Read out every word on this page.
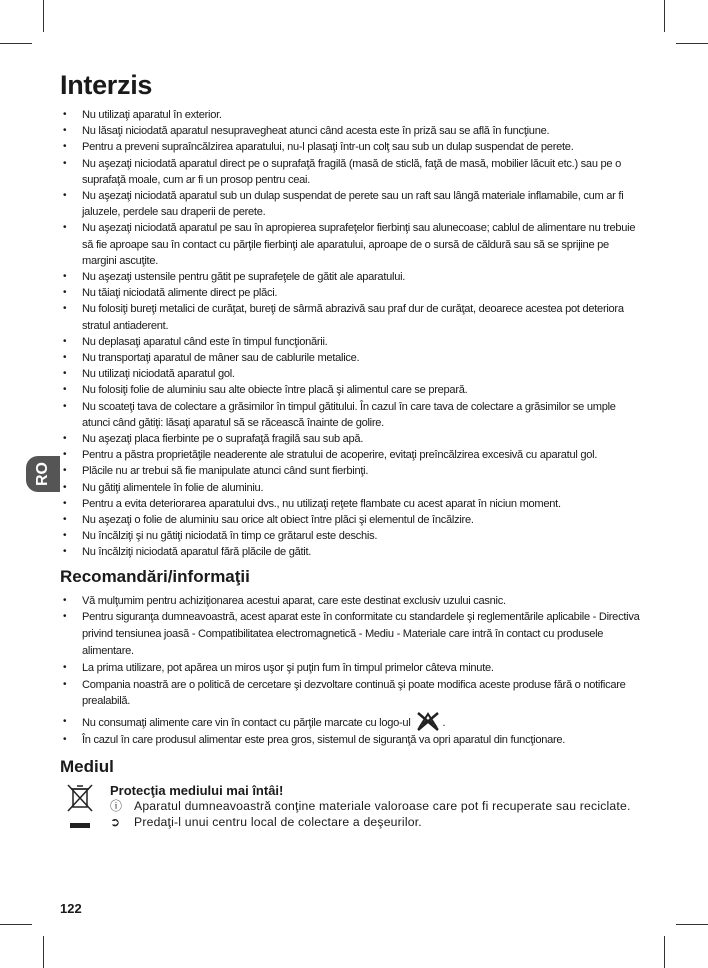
RO
Interzis
• Nu utilizaţi aparatul în exterior.
• Nu lăsaţi niciodată aparatul nesupravegheat atunci când acesta este în priză sau se află în funcţiune.
• Pentru a preveni supraîncălzirea aparatului, nu-l plasaţi într-un colţ sau sub un dulap suspendat de perete.
• Nu aşezaţi niciodată aparatul direct pe o suprafaţă fragilă (masă de sticlă, faţă de masă, mobilier lăcuit etc.) sau pe o suprafaţă moale, cum ar fi un prosop pentru ceai.
• Nu aşezaţi niciodată aparatul sub un dulap suspendat de perete sau un raft sau lângă materiale inflamabile, cum ar fi jaluzele, perdele sau draperii de perete.
• Nu aşezaţi niciodată aparatul pe sau în apropierea suprafeţelor fierbinţi sau alunecoase; cablul de alimentare nu trebuie să fie aproape sau în contact cu părţile fierbinţi ale aparatului, aproape de o sursă de căldură sau să se sprijine pe margini ascuţite.
• Nu aşezaţi ustensile pentru gătit pe suprafeţele de gătit ale aparatului.
• Nu tăiaţi niciodată alimente direct pe plăci.
• Nu folosiţi bureţi metalici de curăţat, bureţi de sârmă abrazivă sau praf dur de curăţat, deoarece acestea pot deteriora stratul antiaderent.
• Nu deplasaţi aparatul când este în timpul funcţionării.
• Nu transportaţi aparatul de mâner sau de cablurile metalice.
• Nu utilizaţi niciodată aparatul gol.
• Nu folosiţi folie de aluminiu sau alte obiecte între placă şi alimentul care se prepară.
• Nu scoateţi tava de colectare a grăsimilor în timpul gătitului. În cazul în care tava de colectare a grăsimilor se umple atunci când gătiţi: lăsaţi aparatul să se răcească înainte de golire.
• Nu aşezaţi placa fierbinte pe o suprafaţă fragilă sau sub apă.
• Pentru a păstra proprietăţile neaderente ale stratului de acoperire, evitaţi preîncălzirea excesivă cu aparatul gol.
• Plăcile nu ar trebui să fie manipulate atunci când sunt fierbinţi.
• Nu gătiţi alimentele în folie de aluminiu.
• Pentru a evita deteriorarea aparatului dvs., nu utilizaţi reţete flambate cu acest aparat în niciun moment.
• Nu aşezaţi o folie de aluminiu sau orice alt obiect între plăci şi elementul de încălzire.
• Nu încălziţi şi nu gătiţi niciodată în timp ce grătarul este deschis.
• Nu încălziţi niciodată aparatul fără plăcile de gătit.
Recomandări/informaţii
• Vă mulţumim pentru achiziţionarea acestui aparat, care este destinat exclusiv uzului casnic.
• Pentru siguranţa dumneavoastră, acest aparat este în conformitate cu standardele şi reglementările aplicabile - Directiva privind tensiunea joasă - Compatibilitatea electromagnetică - Mediu - Materiale care intră în contact cu produsele alimentare.
• La prima utilizare, pot apărea un miros uşor şi puţin fum în timpul primelor câteva minute.
• Compania noastră are o politică de cercetare şi dezvoltare continuă şi poate modifica aceste produse fără o notificare prealabilă.
• Nu consumaţi alimente care vin în contact cu părţile marcate cu logo-ul	.
• În cazul în care produsul alimentar este prea gros, sistemul de siguranţă va opri aparatul din funcţionare.
Mediul
Protecţia mediului mai întâi!
ⓘ Aparatul dumneavoastră conţine materiale valoroase care pot fi recuperate sau reciclate.
➲ Predaţi-l unui centru local de colectare a deşeurilor.
122
